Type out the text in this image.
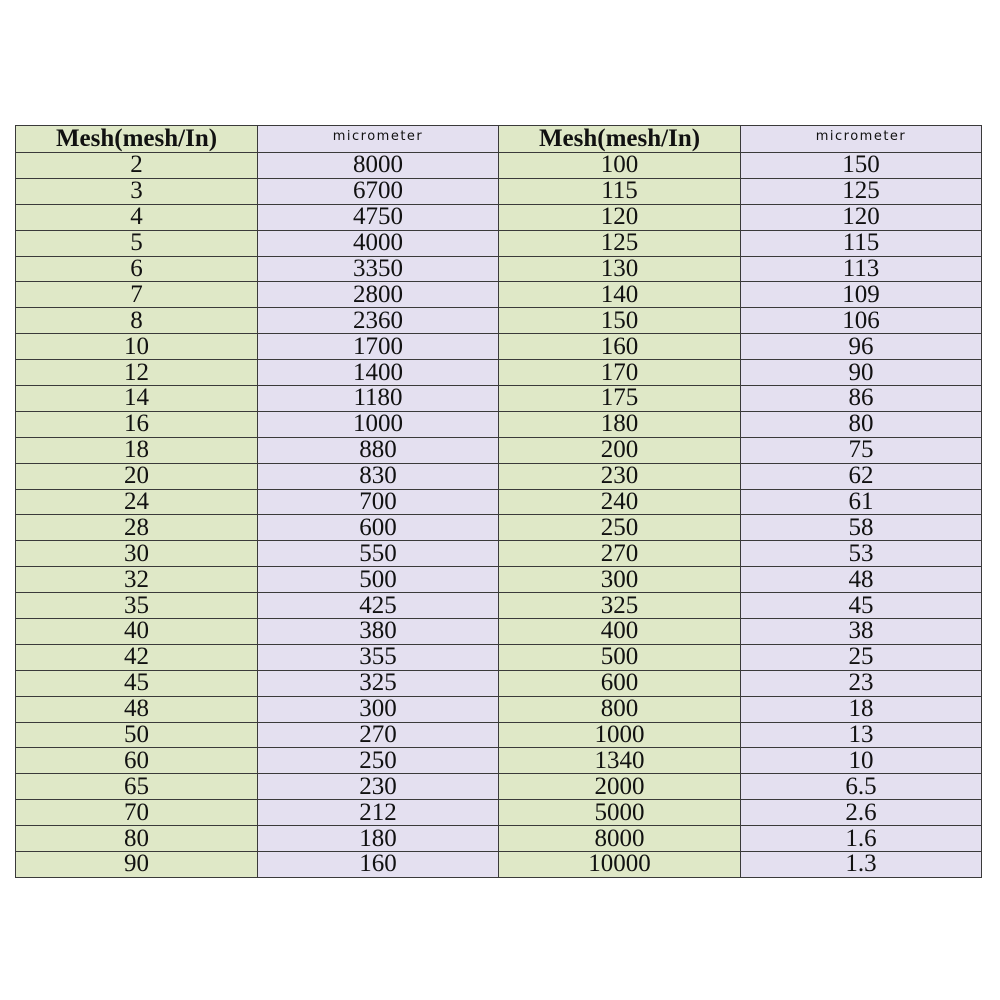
Mesh(mesh/In)	micrometer	Mesh(mesh/In)	micrometer
2	8000	100	150
3	6700	115	125
4	4750	120	120
5	4000	125	115
6	3350	130	113
7	2800	140	109
8	2360	150	106
10	1700	160	96
12	1400	170	90
14	1180	175	86
16	1000	180	80
18	880	200	75
20	830	230	62
24	700	240	61
28	600	250	58
30	550	270	53
32	500	300	48
35	425	325	45
40	380	400	38
42	355	500	25
45	325	600	23
48	300	800	18
50	270	1000	13
60	250	1340	10
65	230	2000	6.5
70	212	5000	2.6
80	180	8000	1.6
90	160	10000	1.3
